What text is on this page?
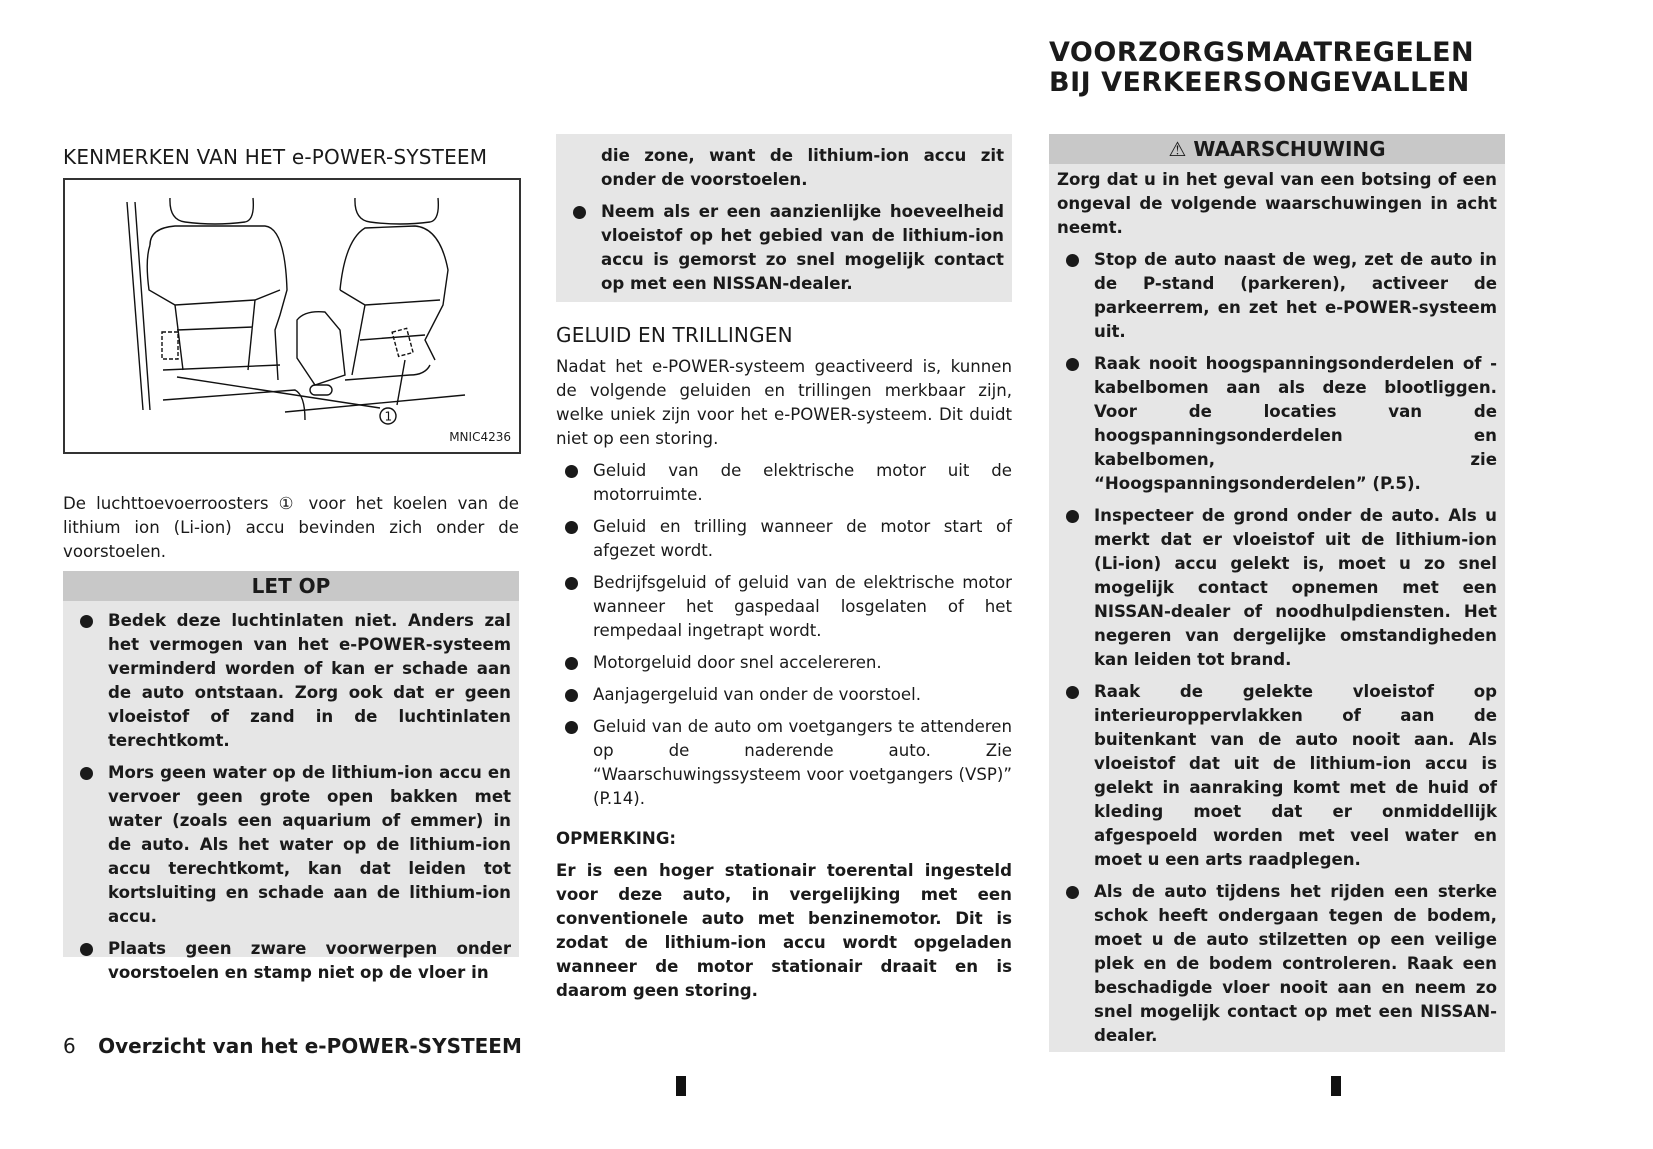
VOORZORGSMAATREGELEN BIJ VERKEERSONGEVALLEN
KENMERKEN VAN HET e-POWER-SYSTEEM
1
MNIC4236

De luchttoevoerroosters ① voor het koelen van de lithium ion (Li-ion) accu bevinden zich onder de voorstoelen.

LET OP
Bedek deze luchtinlaten niet. Anders zal het vermogen van het e-POWER-systeem verminderd worden of kan er schade aan de auto ontstaan. Zorg ook dat er geen vloeistof of zand in de luchtinlaten terechtkomt.
Mors geen water op de lithium-ion accu en vervoer geen grote open bakken met water (zoals een aquarium of emmer) in de auto. Als het water op de lithium-ion accu terechtkomt, kan dat leiden tot kortsluiting en schade aan de lithium-ion accu.
Plaats geen zware voorwerpen onder voorstoelen en stamp niet op de vloer in

die zone, want de lithium-ion accu zit onder de voorstoelen.

Neem als er een aanzienlijke hoeveelheid vloeistof op het gebied van de lithium-ion accu is gemorst zo snel mogelijk contact op met een NISSAN-dealer.
GELUID EN TRILLINGEN

Nadat het e-POWER-systeem geactiveerd is, kunnen de volgende geluiden en trillingen merkbaar zijn, welke uniek zijn voor het e-POWER-systeem. Dit duidt niet op een storing.

Geluid van de elektrische motor uit de motorruimte.
Geluid en trilling wanneer de motor start of afgezet wordt.
Bedrijfsgeluid of geluid van de elektrische motor wanneer het gaspedaal losgelaten of het rempedaal ingetrapt wordt.
Motorgeluid door snel accelereren.
Aanjagergeluid van onder de voorstoel.
Geluid van de auto om voetgangers te attenderen op de naderende auto. Zie “Waarschuwingssysteem voor voetgangers (VSP)” (P.14).

OPMERKING:

Er is een hoger stationair toerental ingesteld voor deze auto, in vergelijking met een conventionele auto met benzinemotor. Dit is zodat de lithium-ion accu wordt opgeladen wanneer de motor stationair draait en is daarom geen storing.

⚠ WAARSCHUWING

Zorg dat u in het geval van een botsing of een ongeval de volgende waarschuwingen in acht neemt.

Stop de auto naast de weg, zet de auto in de P-stand (parkeren), activeer de parkeerrem, en zet het e-POWER-systeem uit.
Raak nooit hoogspanningsonderdelen of -kabelbomen aan als deze blootliggen. Voor de locaties van de hoogspanningsonderdelen en kabelbomen, zie “Hoogspanningsonderdelen” (P.5).
Inspecteer de grond onder de auto. Als u merkt dat er vloeistof uit de lithium-ion (Li-ion) accu gelekt is, moet u zo snel mogelijk contact opnemen met een NISSAN-dealer of noodhulpdiensten. Het negeren van dergelijke omstandigheden kan leiden tot brand.
Raak de gelekte vloeistof op interieuroppervlakken of aan de buitenkant van de auto nooit aan. Als vloeistof dat uit de lithium-ion accu is gelekt in aanraking komt met de huid of kleding moet dat er onmiddellijk afgespoeld worden met veel water en moet u een arts raadplegen.
Als de auto tijdens het rijden een sterke schok heeft ondergaan tegen de bodem, moet u de auto stilzetten op een veilige plek en de bodem controleren. Raak een beschadigde vloer nooit aan en neem zo snel mogelijk contact op met een NISSAN-dealer.
6 Overzicht van het e-POWER-SYSTEEM
